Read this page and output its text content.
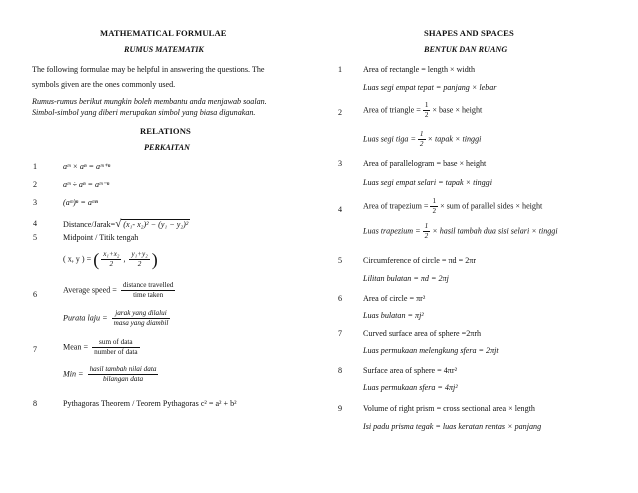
MATHEMATICAL FORMULAE
RUMUS MATEMATIK
The following formulae may be helpful in answering the questions. The
symbols given are the ones commonly used.
Rumus-rumus berikut mungkin boleh membantu anda menjawab soalan.
Simbol-simbol yang diberi merupakan simbol yang biasa digunakan.
RELATIONS
PERKAITAN
1	aᵐ × aⁿ = aᵐ⁺ⁿ
2	aᵐ ÷ aⁿ = aᵐ⁻ⁿ
3	(aᵐ)ⁿ = aᵐⁿ
4	Distance/Jarak=√ (x₁- x₂)² − (y₁ − y₂)²
5	Midpoint / Titik tengah
( x, y ) = ( $\frac{\text{x₁+x₂}}{2}$ , $\frac{\text{y₁+y₂}}{2}$ )
6
Average speed = $\frac{\text{distance travelled}}{\text{time taken}}$
Purata laju = $\frac{\text{jarak yang dilalui}}{\text{masa yang diambil}}$
7	Mean = $\frac{\text{sum of data}}{\text{number of data}}$
Min = $\frac{\text{hasil tambah nilai data}}{\text{bilangan data}}$
8	Pythagoras Theorem / Teorem Pythagoras c² = a² + b²
SHAPES AND SPACES
BENTUK DAN RUANG
1	Area of rectangle = length × width
Luas segi empat tepat = panjang × lebar
2	Area of triangle = $\frac{1}{2}$ × base × height
Luas segi tiga = $\frac{1}{2}$ × tapak × tinggi
3	Area of parallelogram = base × height
Luas segi empat selari = tapak × tinggi
4	Area of trapezium = $\frac{1}{2}$ × sum of parallel sides × height
Luas trapezium = $\frac{1}{2}$ × hasil tambah dua sisi selari × tinggi
5	Circumference of circle = πd = 2πr
Lilitan bulatan = πd = 2πj
6	Area of circle = πr²
Luas bulatan = πj²
7	Curved surface area of sphere =2πrh
Luas permukaan melengkung sfera = 2πjt
8	Surface area of sphere = 4πr²
Luas permukaan sfera = 4πj²
9	Volume of right prism = cross sectional area × length
Isi padu prisma tegak = luas keratan rentas × panjang
